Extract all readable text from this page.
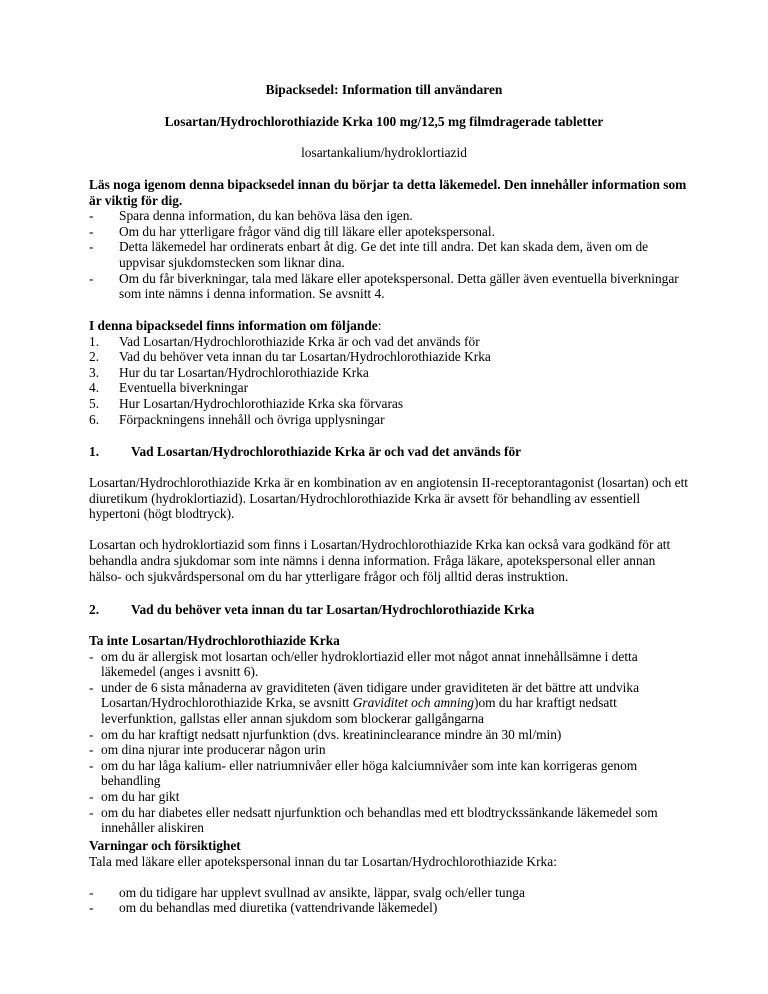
Bipacksedel: Information till användaren
Losartan/Hydrochlorothiazide Krka 100 mg/12,5 mg filmdragerade tabletter
losartankalium/hydroklortiazid

Läs noga igenom denna bipacksedel innan du börjar ta detta läkemedel. Den innehåller information som är viktig för dig.

-	Spara denna information, du kan behöva läsa den igen.
-	Om du har ytterligare frågor vänd dig till läkare eller apotekspersonal.
-	Detta läkemedel har ordinerats enbart åt dig. Ge det inte till andra. Det kan skada dem, även om de uppvisar sjukdomstecken som liknar dina.
-	Om du får biverkningar, tala med läkare eller apotekspersonal. Detta gäller även eventuella biverkningar som inte nämns i denna information. Se avsnitt 4.

I denna bipacksedel finns information om följande:

1. Vad Losartan/Hydrochlorothiazide Krka är och vad det används för
2. Vad du behöver veta innan du tar Losartan/Hydrochlorothiazide Krka
3. Hur du tar Losartan/Hydrochlorothiazide Krka
4. Eventuella biverkningar
5. Hur Losartan/Hydrochlorothiazide Krka ska förvaras
6. Förpackningens innehåll och övriga upplysningar
1. Vad Losartan/Hydrochlorothiazide Krka är och vad det används för

Losartan/Hydrochlorothiazide Krka är en kombination av en angiotensin II-receptorantagonist (losartan) och ett diuretikum (hydroklortiazid). Losartan/Hydrochlorothiazide Krka är avsett för behandling av essentiell hypertoni (högt blodtryck).

Losartan och hydroklortiazid som finns i Losartan/Hydrochlorothiazide Krka kan också vara godkänd för att behandla andra sjukdomar som inte nämns i denna information. Fråga läkare, apotekspersonal eller annan hälso- och sjukvårdspersonal om du har ytterligare frågor och följ alltid deras instruktion.

2. Vad du behöver veta innan du tar Losartan/Hydrochlorothiazide Krka

Ta inte Losartan/Hydrochlorothiazide Krka

- om du är allergisk mot losartan och/eller hydroklortiazid eller mot något annat innehållsämne i detta läkemedel (anges i avsnitt 6).
- under de 6 sista månaderna av graviditeten (även tidigare under graviditeten är det bättre att undvika Losartan/Hydrochlorothiazide Krka, se avsnitt Graviditet och amning)om du har kraftigt nedsatt leverfunktion, gallstas eller annan sjukdom som blockerar gallgångarna
- om du har kraftigt nedsatt njurfunktion (dvs. kreatininclearance mindre än 30 ml/min)
- om dina njurar inte producerar någon urin
- om du har låga kalium- eller natriumnivåer eller höga kalciumnivåer som inte kan korrigeras genom behandling
- om du har gikt
- om du har diabetes eller nedsatt njurfunktion och behandlas med ett blodtryckssänkande läkemedel som innehåller aliskiren

Varningar och försiktighet

Tala med läkare eller apotekspersonal innan du tar Losartan/Hydrochlorothiazide Krka:

-	om du tidigare har upplevt svullnad av ansikte, läppar, svalg och/eller tunga
-	om du behandlas med diuretika (vattendrivande läkemedel)
